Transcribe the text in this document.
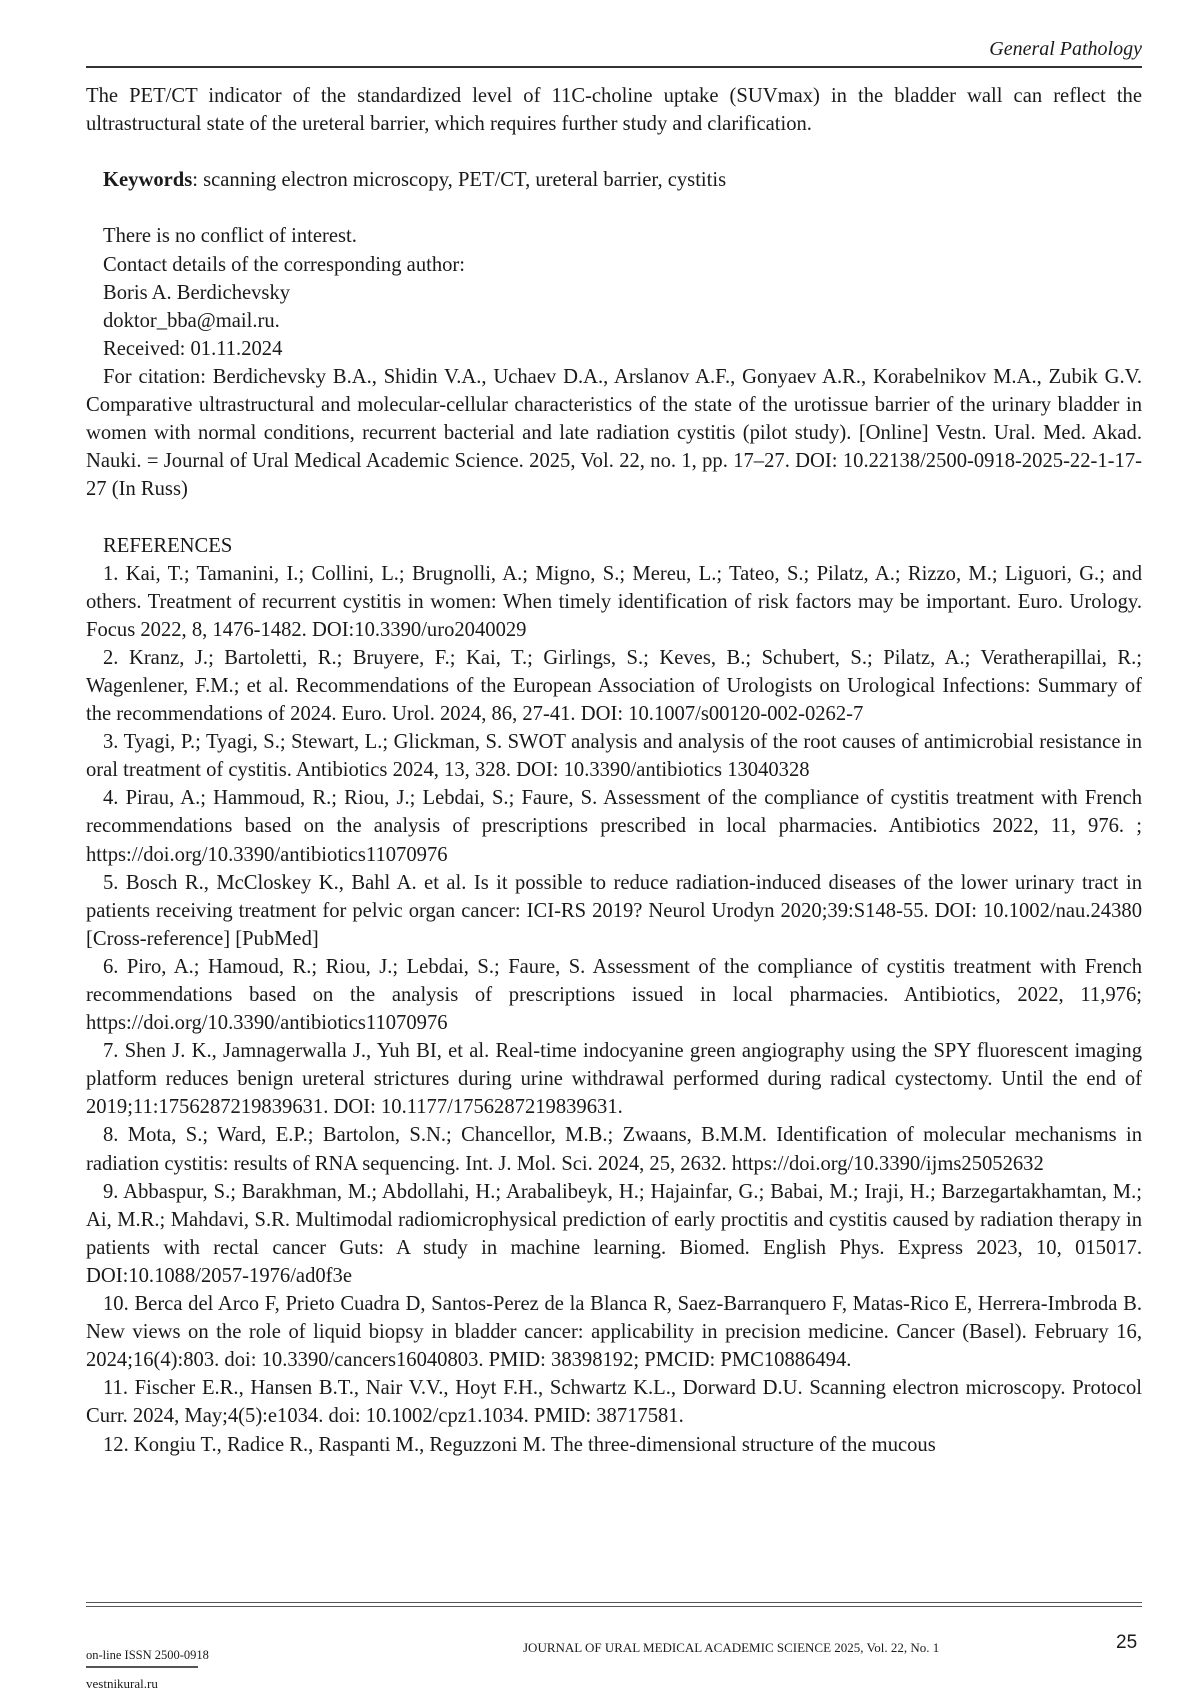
General Pathology

The PET/CT indicator of the standardized level of 11C-choline uptake (SUVmax) in the bladder wall can reflect the ultrastructural state of the ureteral barrier, which requires further study and clarification.

Keywords: scanning electron microscopy, PET/CT, ureteral barrier, cystitis

There is no conflict of interest.

Contact details of the corresponding author:

Boris A. Berdichevsky

doktor_bba@mail.ru.

Received: 01.11.2024

For citation: Berdichevsky B.A., Shidin V.A., Uchaev D.A., Arslanov A.F., Gonyaev A.R., Korabelnikov M.A., Zubik G.V. Comparative ultrastructural and molecular-cellular characteristics of the state of the urotissue barrier of the urinary bladder in women with normal conditions, recurrent bacterial and late radiation cystitis (pilot study). [Online] Vestn. Ural. Med. Akad. Nauki. = Journal of Ural Medical Academic Science. 2025, Vol. 22, no. 1, pp. 17–27. DOI: 10.22138/2500-0918-2025-22-1-17-27 (In Russ)

REFERENCES

1. Kai, T.; Tamanini, I.; Collini, L.; Brugnolli, A.; Migno, S.; Mereu, L.; Tateo, S.; Pilatz, A.; Rizzo, M.; Liguori, G.; and others. Treatment of recurrent cystitis in women: When timely identification of risk factors may be important. Euro. Urology. Focus 2022, 8, 1476-1482. DOI:10.3390/uro2040029

2. Kranz, J.; Bartoletti, R.; Bruyere, F.; Kai, T.; Girlings, S.; Keves, B.; Schubert, S.; Pilatz, A.; Veratherapillai, R.; Wagenlener, F.M.; et al. Recommendations of the European Association of Urologists on Urological Infections: Summary of the recommendations of 2024. Euro. Urol. 2024, 86, 27-41. DOI: 10.1007/s00120-002-0262-7

3. Tyagi, P.; Tyagi, S.; Stewart, L.; Glickman, S. SWOT analysis and analysis of the root causes of antimicrobial resistance in oral treatment of cystitis. Antibiotics 2024, 13, 328. DOI: 10.3390/antibiotics 13040328

4. Pirau, A.; Hammoud, R.; Riou, J.; Lebdai, S.; Faure, S. Assessment of the compliance of cystitis treatment with French recommendations based on the analysis of prescriptions prescribed in local pharmacies. Antibiotics 2022, 11, 976. ; https://doi.org/10.3390/antibiotics11070976

5. Bosch R., McCloskey K., Bahl A. et al. Is it possible to reduce radiation-induced diseases of the lower urinary tract in patients receiving treatment for pelvic organ cancer: ICI-RS 2019? Neurol Urodyn 2020;39:S148-55. DOI: 10.1002/nau.24380 [Cross-reference] [PubMed]

6. Piro, A.; Hamoud, R.; Riou, J.; Lebdai, S.; Faure, S. Assessment of the compliance of cystitis treatment with French recommendations based on the analysis of prescriptions issued in local pharmacies. Antibiotics, 2022, 11,976; https://doi.org/10.3390/antibiotics11070976

7. Shen J. K., Jamnagerwalla J., Yuh BI, et al. Real-time indocyanine green angiography using the SPY fluorescent imaging platform reduces benign ureteral strictures during urine withdrawal performed during radical cystectomy. Until the end of 2019;11:1756287219839631. DOI: 10.1177/1756287219839631.

8. Mota, S.; Ward, E.P.; Bartolon, S.N.; Chancellor, M.B.; Zwaans, B.M.M. Identification of molecular mechanisms in radiation cystitis: results of RNA sequencing. Int. J. Mol. Sci. 2024, 25, 2632. https://doi.org/10.3390/ijms25052632

9. Abbaspur, S.; Barakhman, M.; Abdollahi, H.; Arabalibeyk, H.; Hajainfar, G.; Babai, M.; Iraji, H.; Barzegartakhamtan, M.; Ai, M.R.; Mahdavi, S.R. Multimodal radiomicrophysical prediction of early proctitis and cystitis caused by radiation therapy in patients with rectal cancer Guts: A study in machine learning. Biomed. English Phys. Express 2023, 10, 015017. DOI:10.1088/2057-1976/ad0f3e

10. Berca del Arco F, Prieto Cuadra D, Santos-Perez de la Blanca R, Saez-Barranquero F, Matas-Rico E, Herrera-Imbroda B. New views on the role of liquid biopsy in bladder cancer: applicability in precision medicine. Cancer (Basel). February 16, 2024;16(4):803. doi: 10.3390/cancers16040803. PMID: 38398192; PMCID: PMC10886494.

11. Fischer E.R., Hansen B.T., Nair V.V., Hoyt F.H., Schwartz K.L., Dorward D.U. Scanning electron microscopy. Protocol Curr. 2024, May;4(5):e1034. doi: 10.1002/cpz1.1034. PMID: 38717581.

12. Kongiu T., Radice R., Raspanti M., Reguzzoni M. The three-dimensional structure of the mucous

on-line ISSN 2500-0918
vestnikural.ru
JOURNAL OF URAL MEDICAL ACADEMIC SCIENCE 2025, Vol. 22, No. 1	25
